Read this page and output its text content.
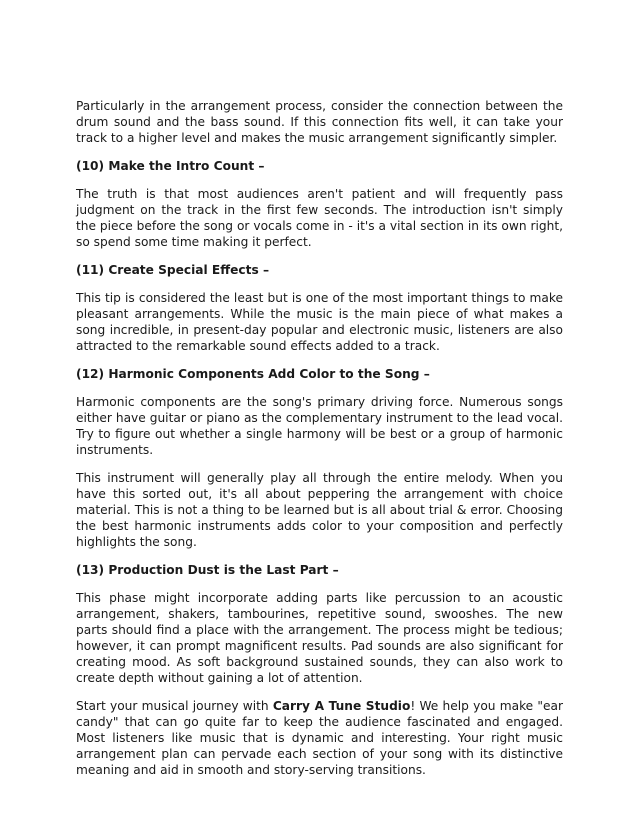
Particularly in the arrangement process, consider the connection between the drum sound and the bass sound. If this connection fits well, it can take your track to a higher level and makes the music arrangement significantly simpler.

(10) Make the Intro Count –

The truth is that most audiences aren't patient and will frequently pass judgment on the track in the first few seconds. The introduction isn't simply the piece before the song or vocals come in - it's a vital section in its own right, so spend some time making it perfect.

(11) Create Special Effects –

This tip is considered the least but is one of the most important things to make pleasant arrangements. While the music is the main piece of what makes a song incredible, in present-day popular and electronic music, listeners are also attracted to the remarkable sound effects added to a track.

(12) Harmonic Components Add Color to the Song –

Harmonic components are the song's primary driving force. Numerous songs either have guitar or piano as the complementary instrument to the lead vocal. Try to figure out whether a single harmony will be best or a group of harmonic instruments.

This instrument will generally play all through the entire melody. When you have this sorted out, it's all about peppering the arrangement with choice material. This is not a thing to be learned but is all about trial & error. Choosing the best harmonic instruments adds color to your composition and perfectly highlights the song.

(13) Production Dust is the Last Part –

This phase might incorporate adding parts like percussion to an acoustic arrangement, shakers, tambourines, repetitive sound, swooshes. The new parts should find a place with the arrangement. The process might be tedious; however, it can prompt magnificent results. Pad sounds are also significant for creating mood. As soft background sustained sounds, they can also work to create depth without gaining a lot of attention.

Start your musical journey with Carry A Tune Studio! We help you make "ear candy" that can go quite far to keep the audience fascinated and engaged. Most listeners like music that is dynamic and interesting. Your right music arrangement plan can pervade each section of your song with its distinctive meaning and aid in smooth and story-serving transitions.
